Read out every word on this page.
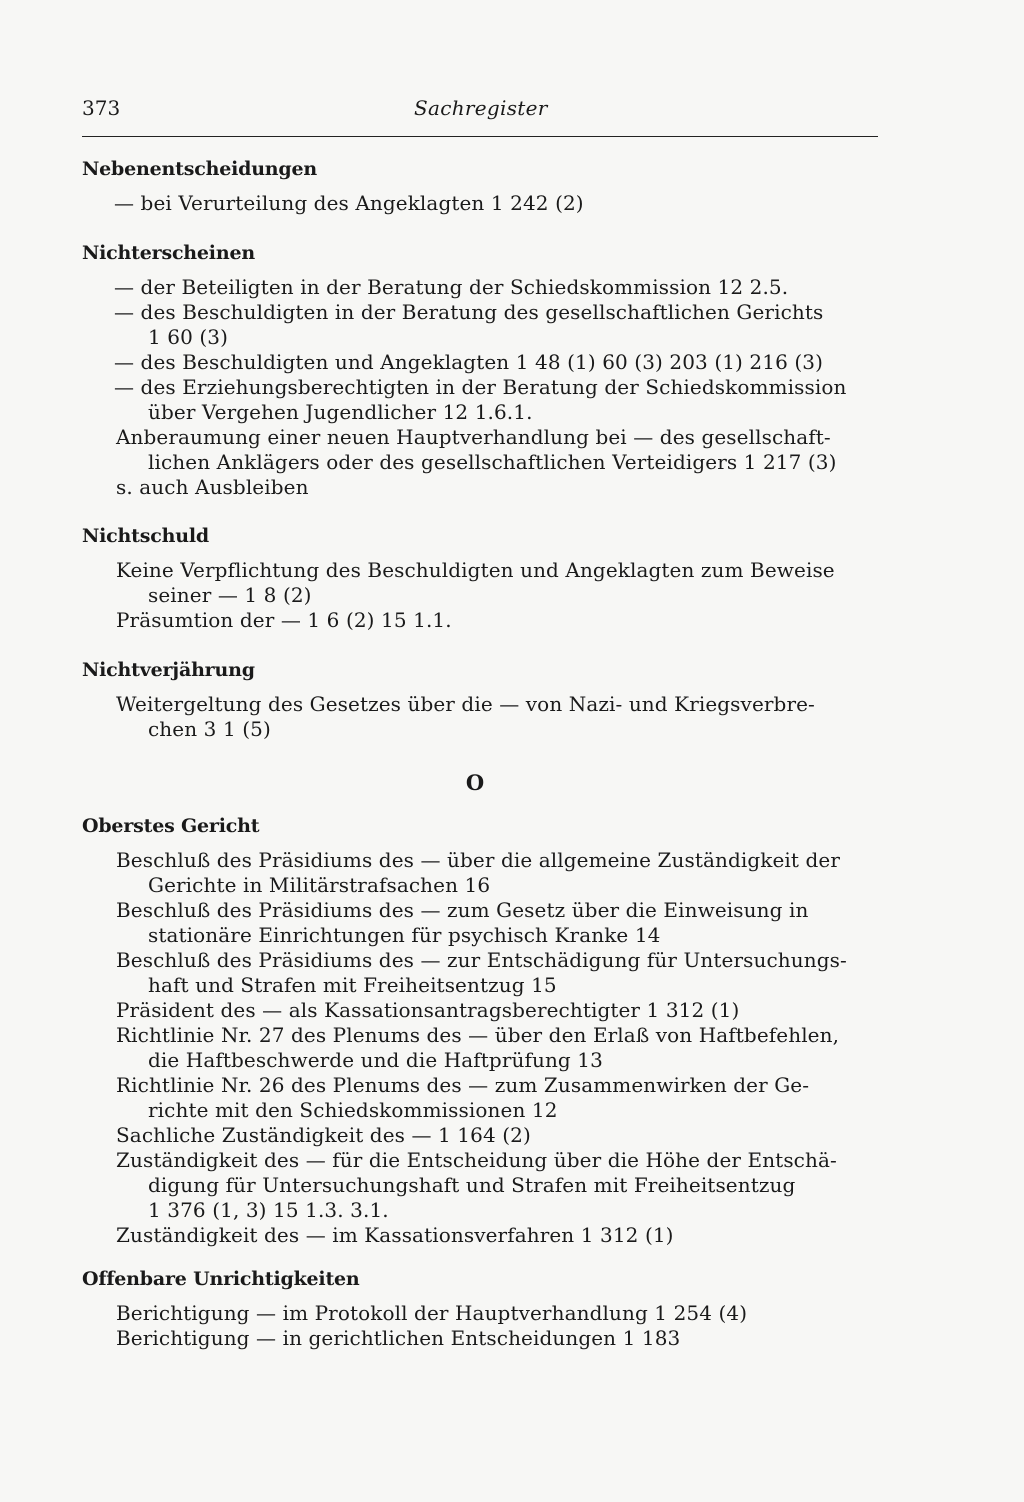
373	Sachregister
Nebenentscheidungen
— bei Verurteilung des Angeklagten 1 242 (2)
Nichterscheinen
— der Beteiligten in der Beratung der Schiedskommission 12 2.5.
— des Beschuldigten in der Beratung des gesellschaftlichen Gerichts
1 60 (3)
— des Beschuldigten und Angeklagten 1 48 (1) 60 (3) 203 (1) 216 (3)
— des Erziehungsberechtigten in der Beratung der Schiedskommission
über Vergehen Jugendlicher 12 1.6.1.
Anberaumung einer neuen Hauptverhandlung bei — des gesellschaft-
lichen Anklägers oder des gesellschaftlichen Verteidigers 1 217 (3)
s. auch Ausbleiben
Nichtschuld
Keine Verpflichtung des Beschuldigten und Angeklagten zum Beweise
seiner — 1 8 (2)
Präsumtion der — 1 6 (2) 15 1.1.
Nichtverjährung
Weitergeltung des Gesetzes über die — von Nazi- und Kriegsverbre-
chen 3 1 (5)
O
Oberstes Gericht
Beschluß des Präsidiums des — über die allgemeine Zuständigkeit der
Gerichte in Militärstrafsachen 16
Beschluß des Präsidiums des — zum Gesetz über die Einweisung in
stationäre Einrichtungen für psychisch Kranke 14
Beschluß des Präsidiums des — zur Entschädigung für Untersuchungs-
haft und Strafen mit Freiheitsentzug 15
Präsident des — als Kassationsantragsberechtigter 1 312 (1)
Richtlinie Nr. 27 des Plenums des — über den Erlaß von Haftbefehlen,
die Haftbeschwerde und die Haftprüfung 13
Richtlinie Nr. 26 des Plenums des — zum Zusammenwirken der Ge-
richte mit den Schiedskommissionen 12
Sachliche Zuständigkeit des — 1 164 (2)
Zuständigkeit des — für die Entscheidung über die Höhe der Entschä-
digung für Untersuchungshaft und Strafen mit Freiheitsentzug
1 376 (1, 3) 15 1.3. 3.1.
Zuständigkeit des — im Kassationsverfahren 1 312 (1)
Offenbare Unrichtigkeiten
Berichtigung — im Protokoll der Hauptverhandlung 1 254 (4)
Berichtigung — in gerichtlichen Entscheidungen 1 183
